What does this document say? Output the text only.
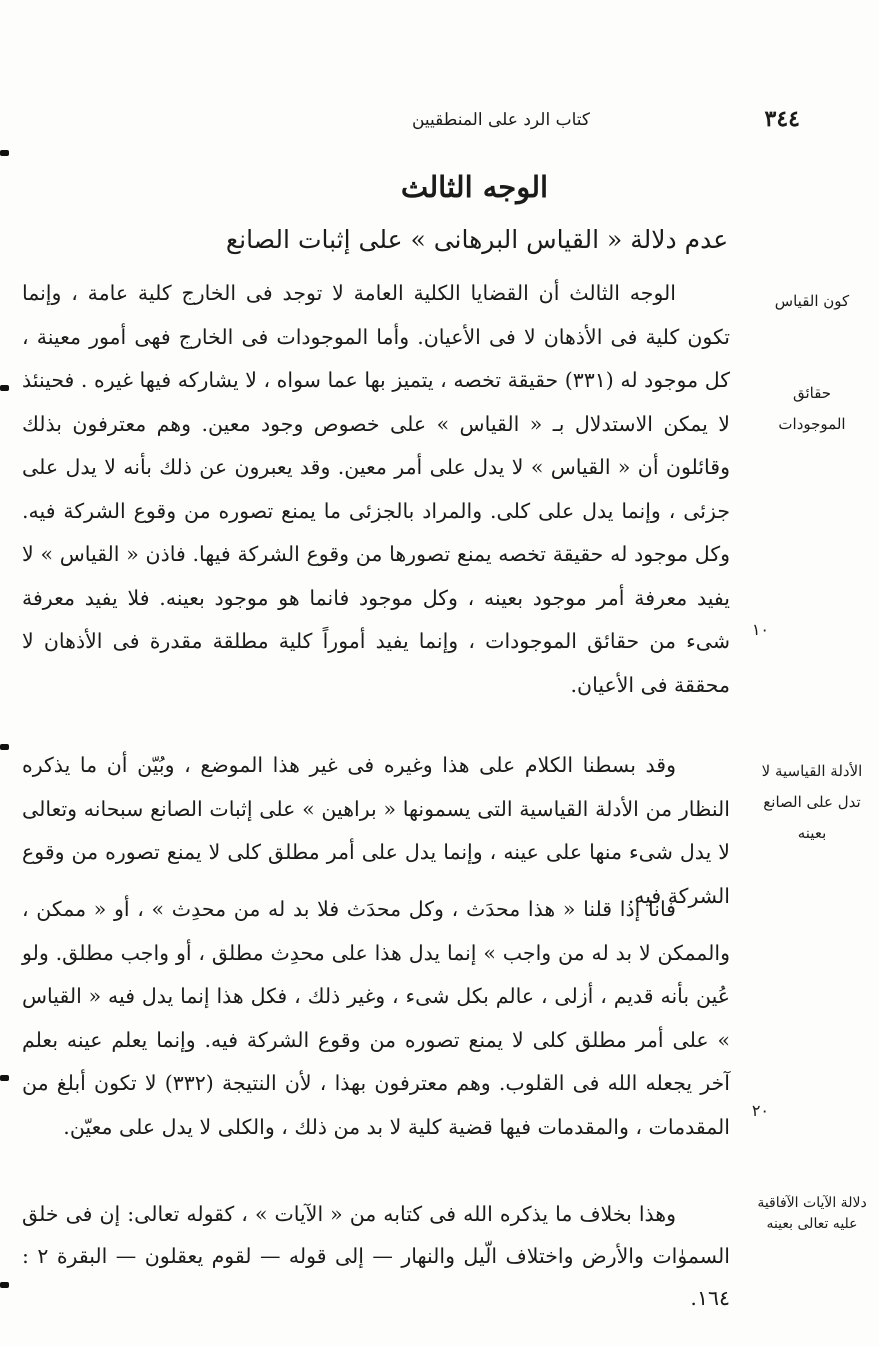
٣٤٤
كتاب الرد على المنطقيين
الوجه الثالث
عدم دلالة « القياس البرهانى » على إثبات الصانع
كون القياس
حقائق الموجودات
الأدلة القياسية لا تدل على الصانع بعينه
دلالة الآيات الآفاقية عليه تعالى بعينه
١٠
٢٠

الوجه الثالث أن القضايا الكلية العامة لا توجد فى الخارج كلية عامة ، وإنما تكون كلية فى الأذهان لا فى الأعيان. وأما الموجودات فى الخارج فهى أمور معينة ، كل موجود له (٣٣١) حقيقة تخصه ، يتميز بها عما سواه ، لا يشاركه فيها غيره . فحينئذ لا يمكن الاستدلال بـ « القياس » على خصوص وجود معين. وهم معترفون بذلك وقائلون أن « القياس » لا يدل على أمر معين. وقد يعبرون عن ذلك بأنه لا يدل على جزئى ، وإنما يدل على كلى. والمراد بالجزئى ما يمنع تصوره من وقوع الشركة فيه. وكل موجود له حقيقة تخصه يمنع تصورها من وقوع الشركة فيها. فاذن « القياس » لا يفيد معرفة أمر موجود بعينه ، وكل موجود فانما هو موجود بعينه. فلا يفيد معرفة شىء من حقائق الموجودات ، وإنما يفيد أموراً كلية مطلقة مقدرة فى الأذهان لا محققة فى الأعيان.

وقد بسطنا الكلام على هذا وغيره فى غير هذا الموضع ، وبُيّن أن ما يذكره النظار من الأدلة القياسية التى يسمونها « براهين » على إثبات الصانع سبحانه وتعالى لا يدل شىء منها على عينه ، وإنما يدل على أمر مطلق كلى لا يمنع تصوره من وقوع الشركة فيه.

فانا إذا قلنا « هذا محدَث ، وكل محدَث فلا بد له من محدِث » ، أو « ممكن ، والممكن لا بد له من واجب » إنما يدل هذا على محدِث مطلق ، أو واجب مطلق. ولو عُين بأنه قديم ، أزلى ، عالم بكل شىء ، وغير ذلك ، فكل هذا إنما يدل فيه « القياس » على أمر مطلق كلى لا يمنع تصوره من وقوع الشركة فيه. وإنما يعلم عينه بعلم آخر يجعله الله فى القلوب. وهم معترفون بهذا ، لأن النتيجة (٣٣٢) لا تكون أبلغ من المقدمات ، والمقدمات فيها قضية كلية لا بد من ذلك ، والكلى لا يدل على معيّن.

وهذا بخلاف ما يذكره الله فى كتابه من « الآيات » ، كقوله تعالى: إن فى خلق السموٰات والأرض واختلاف الّيل والنهار — إلى قوله — لقوم يعقلون — البقرة ٢ : ١٦٤.
